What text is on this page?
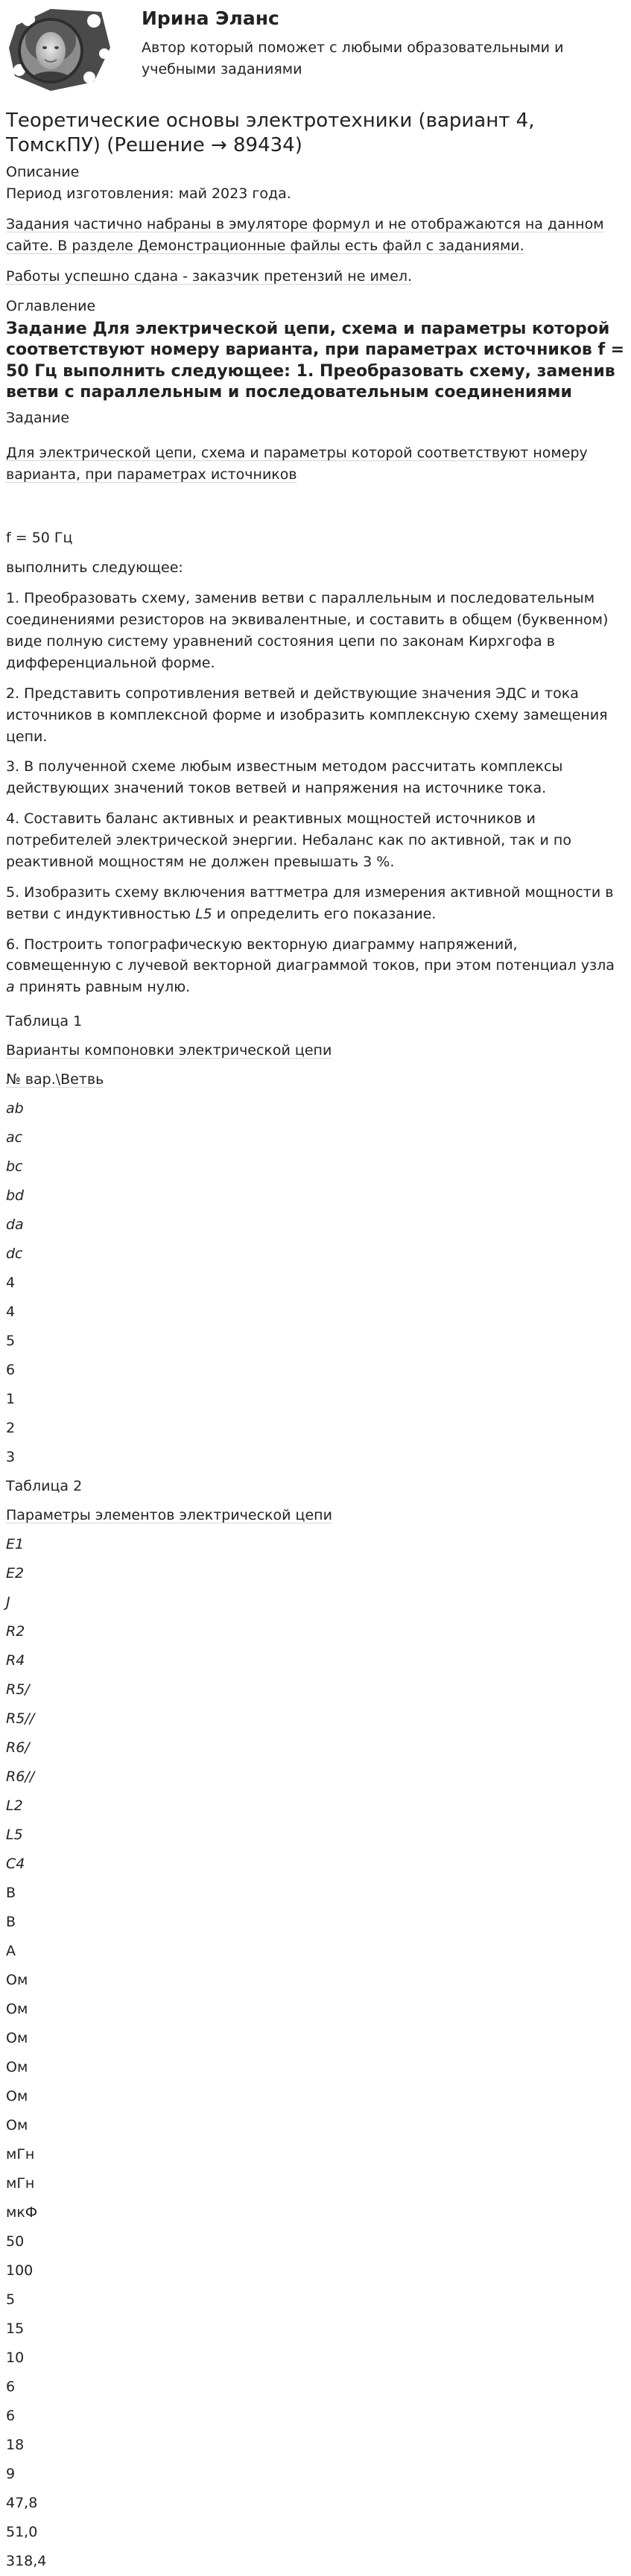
Ирина Эланс
Автор который поможет с любыми образовательными и учебными заданиями
Теоретические основы электротехники (вариант 4, ТомскПУ) (Решение → 89434)
Описание
Период изготовления: май 2023 года.
Задания частично набраны в эмуляторе формул и не отображаются на данном сайте. В разделе Демонстрационные файлы есть файл с заданиями.
Работы успешно сдана - заказчик претензий не имел.
Оглавление
Задание Для электрической цепи, схема и параметры которой соответствуют номеру варианта, при параметрах источников f = 50 Гц выполнить следующее: 1. Преобразовать схему, заменив ветви с параллельным и последовательным соединениями
Задание
Для электрической цепи, схема и параметры которой соответствуют номеру варианта, при параметрах источников
f = 50 Гц
выполнить следующее:
1. Преобразовать схему, заменив ветви с параллельным и последовательным соединениями резисторов на эквивалентные, и составить в общем (буквенном) виде полную систему уравнений состояния цепи по законам Кирхгофа в дифференциальной форме.
2. Представить сопротивления ветвей и действующие значения ЭДС и тока источников в комплексной форме и изобразить комплексную схему замещения цепи.
3. В полученной схеме любым известным методом рассчитать комплексы действующих значений токов ветвей и напряжения на источнике тока.
4. Составить баланс активных и реактивных мощностей источников и потребителей электрической энергии. Небаланс как по активной, так и по реактивной мощностям не должен превышать 3 %.
5. Изобразить схему включения ваттметра для измерения активной мощности в ветви с индуктивностью L5 и определить его показание.
6. Построить топографическую векторную диаграмму напряжений, совмещенную с лучевой векторной диаграммой токов, при этом потенциал узла a принять равным нулю.
Таблица 1
Варианты компоновки электрической цепи
№ вар.\Ветвь
ab
ac
bc
bd
da
dc
4
4
5
6
1
2
3
Таблица 2
Параметры элементов электрической цепи
E1
E2
J
R2
R4
R5/
R5//
R6/
R6//
L2
L5
C4
В
В
А
Ом
Ом
Ом
Ом
Ом
Ом
мГн
мГн
мкФ
50
100
5
15
10
6
6
18
9
47,8
51,0
318,4
